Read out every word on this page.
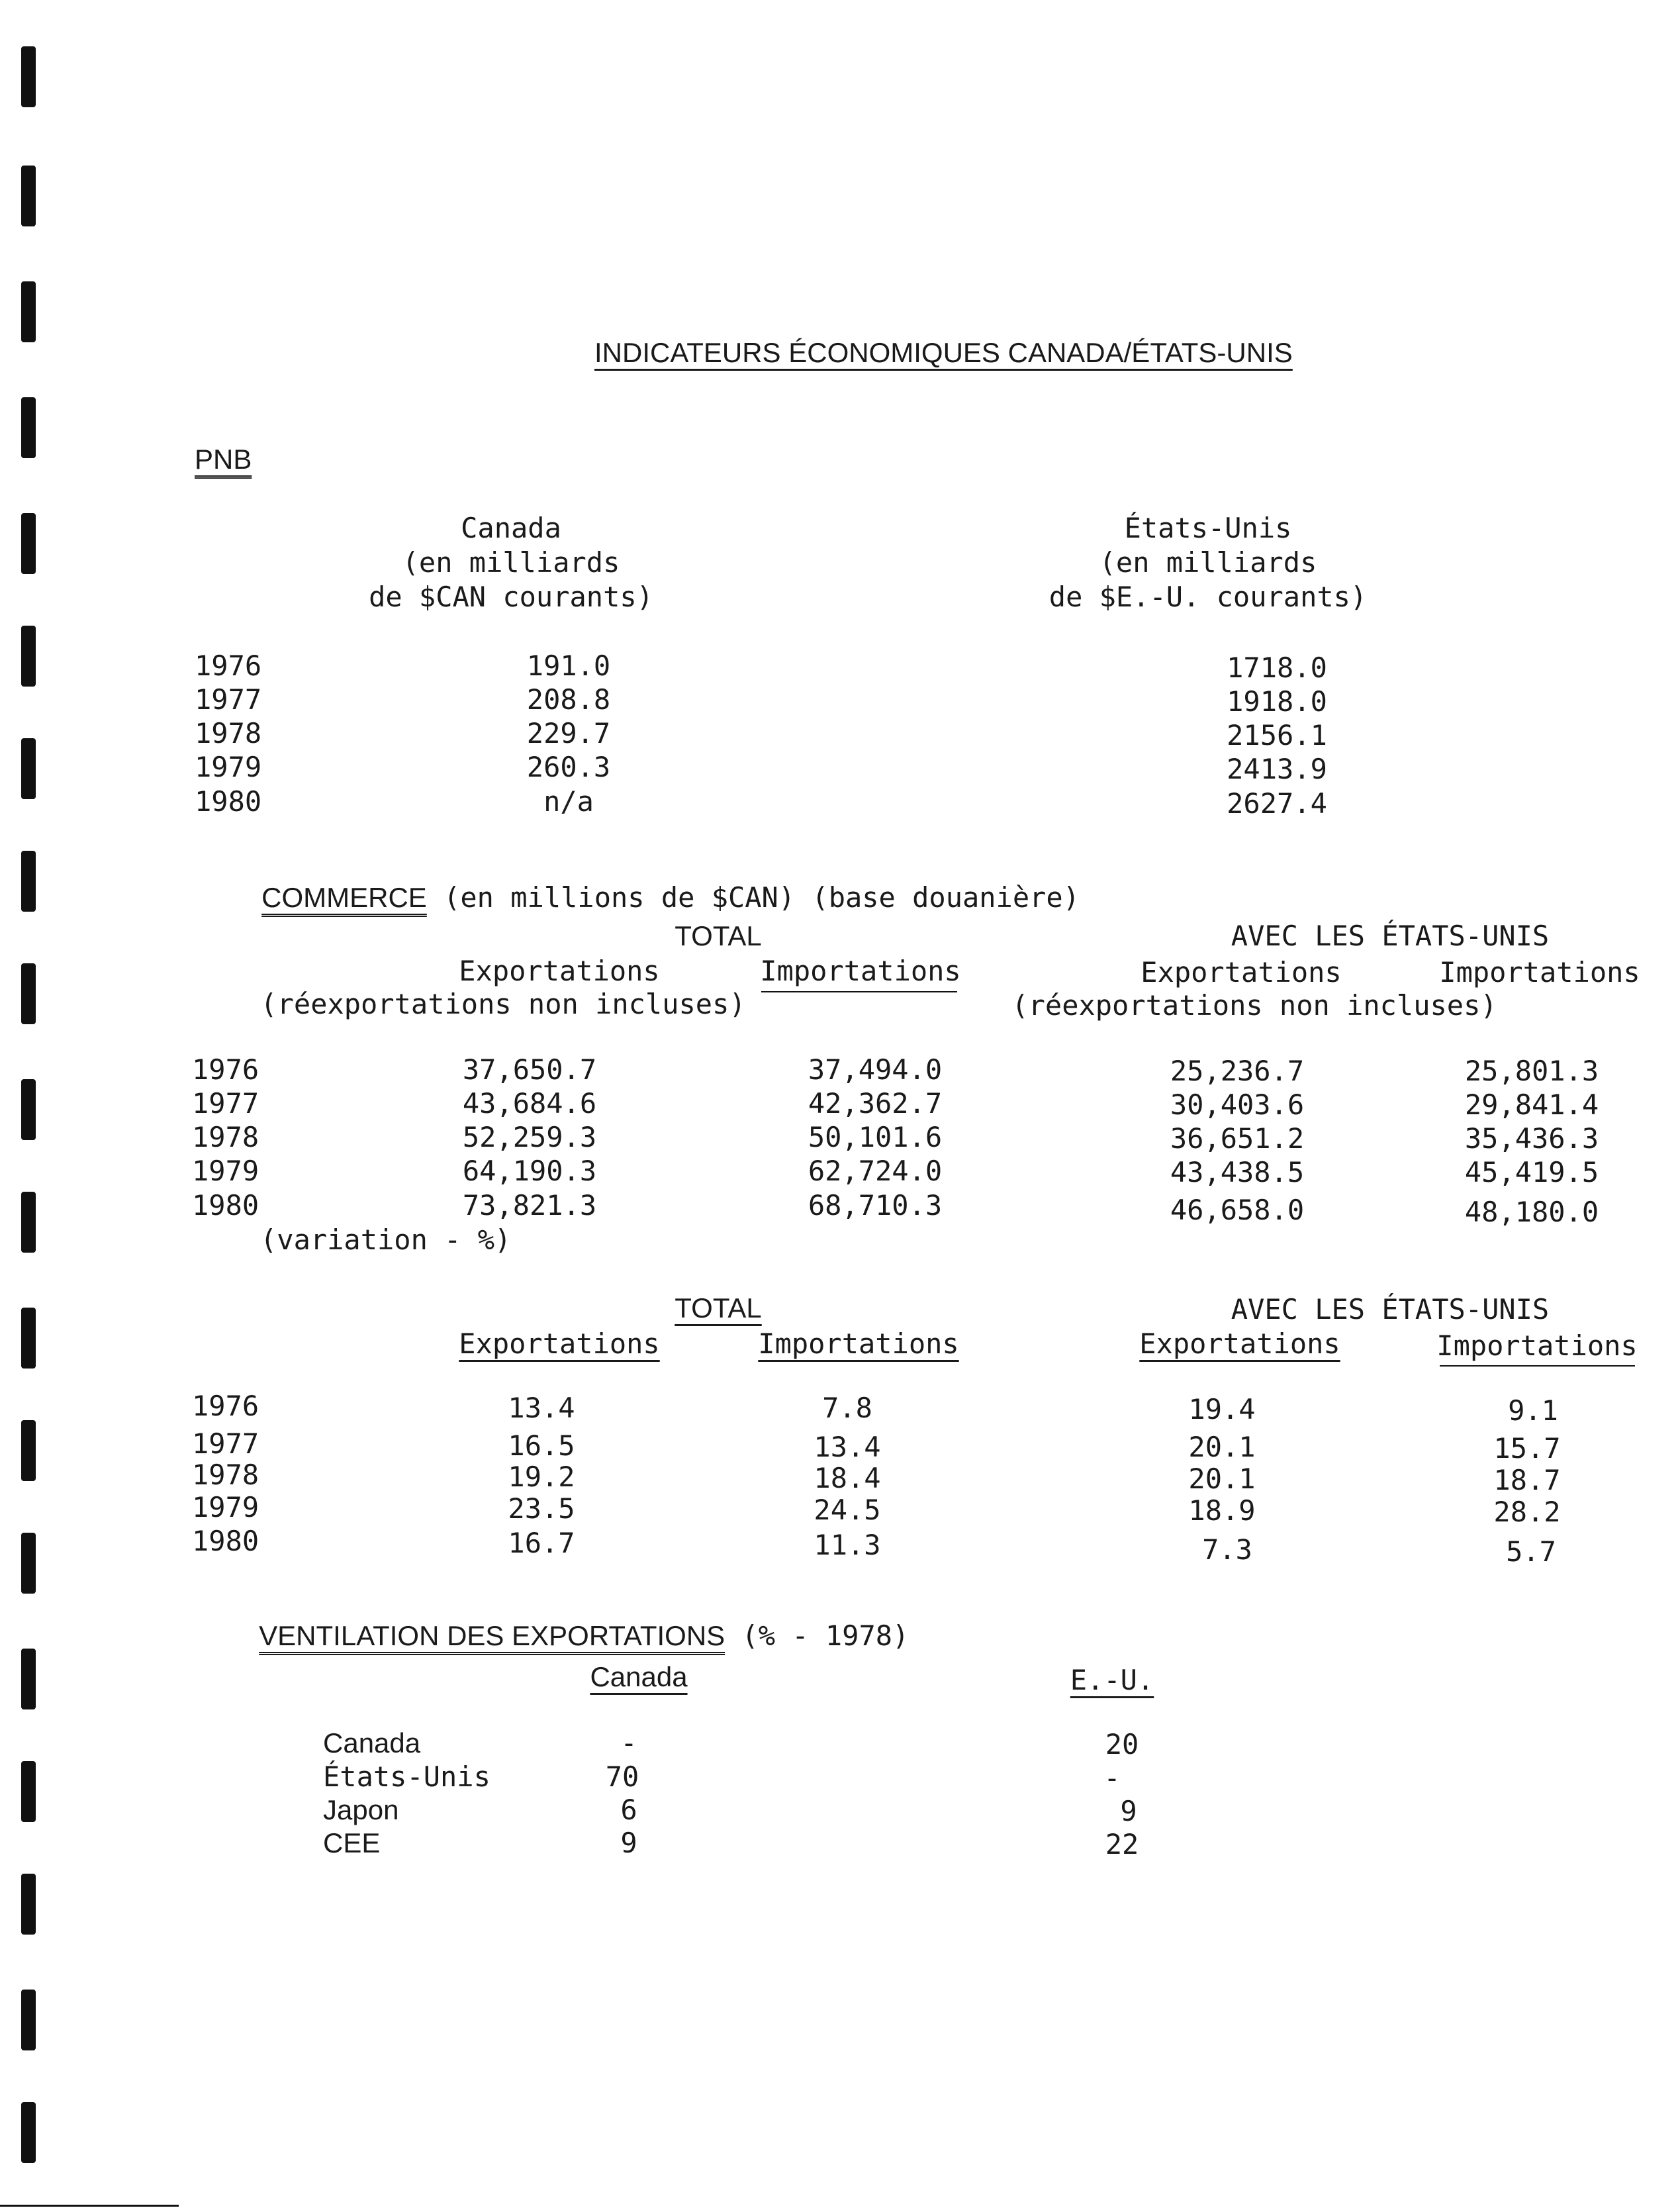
INDICATEURS ÉCONOMIQUES CANADA/ÉTATS-UNIS
PNB
Canada
(en milliards
de $CAN courants)
États-Unis
(en milliards
de $E.-U. courants)
1976	191.0	1718.0
1977	208.8	1918.0
1978	229.7	2156.1
1979	260.3	2413.9
1980	n/a	2627.4

COMMERCE (en millions de $CAN) (base douanière)

TOTAL	AVEC LES ÉTATS-UNIS
Exportations	Importations	Exportations	Importations
(réexportations non incluses)	(réexportations non incluses)
1976	37,650.7	37,494.0	25,236.7	25,801.3
1977	43,684.6	42,362.7	30,403.6	29,841.4
1978	52,259.3	50,101.6	36,651.2	35,436.3
1979	64,190.3	62,724.0	43,438.5	45,419.5
1980	73,821.3	68,710.3	46,658.0	48,180.0
(variation - %)
TOTAL	AVEC LES ÉTATS-UNIS
Exportations	Importations	Exportations	Importations
1976	13.4	7.8	19.4	9.1
1977	16.5	13.4	20.1	15.7
1978	19.2	18.4	20.1	18.7
1979	23.5	24.5	18.9	28.2
1980	16.7	11.3	7.3	5.7

VENTILATION DES EXPORTATIONS (% - 1978)

Canada	E.-U.
Canada	-	20
États-Unis	70	-
Japon	6	9
CEE	9	22
